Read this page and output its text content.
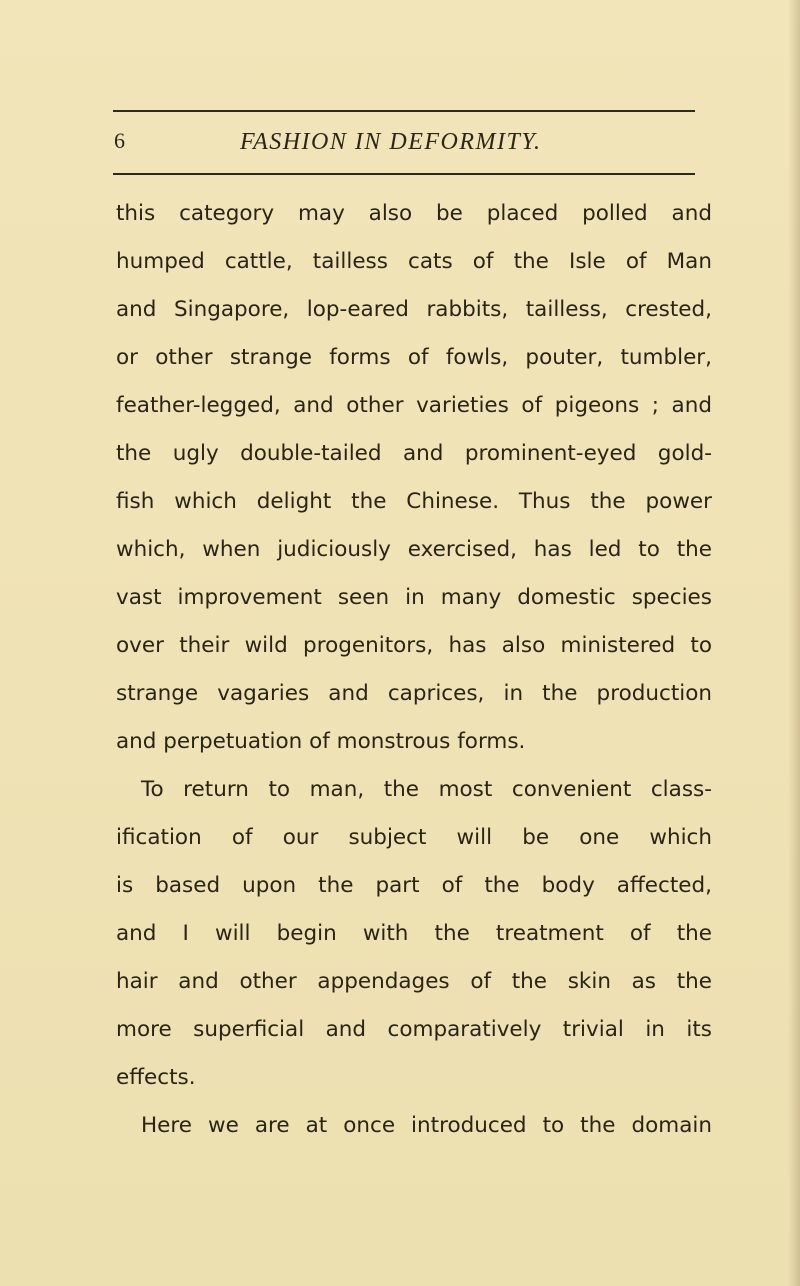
6	FASHION IN DEFORMITY.
this category may also be placed polled and
humped cattle, tailless cats of the Isle of Man
and Singapore, lop-eared rabbits, tailless, crested,
or other strange forms of fowls, pouter, tumbler,
feather-legged, and other varieties of pigeons ; and
the ugly double-tailed and prominent-eyed gold-
fish which delight the Chinese. Thus the power
which, when judiciously exercised, has led to the
vast improvement seen in many domestic species
over their wild progenitors, has also ministered to
strange vagaries and caprices, in the production
and perpetuation of monstrous forms.
To return to man, the most convenient class-
ification of our subject will be one which
is based upon the part of the body affected,
and I will begin with the treatment of the
hair and other appendages of the skin as the
more superficial and comparatively trivial in its
effects.
Here we are at once introduced to the domain
